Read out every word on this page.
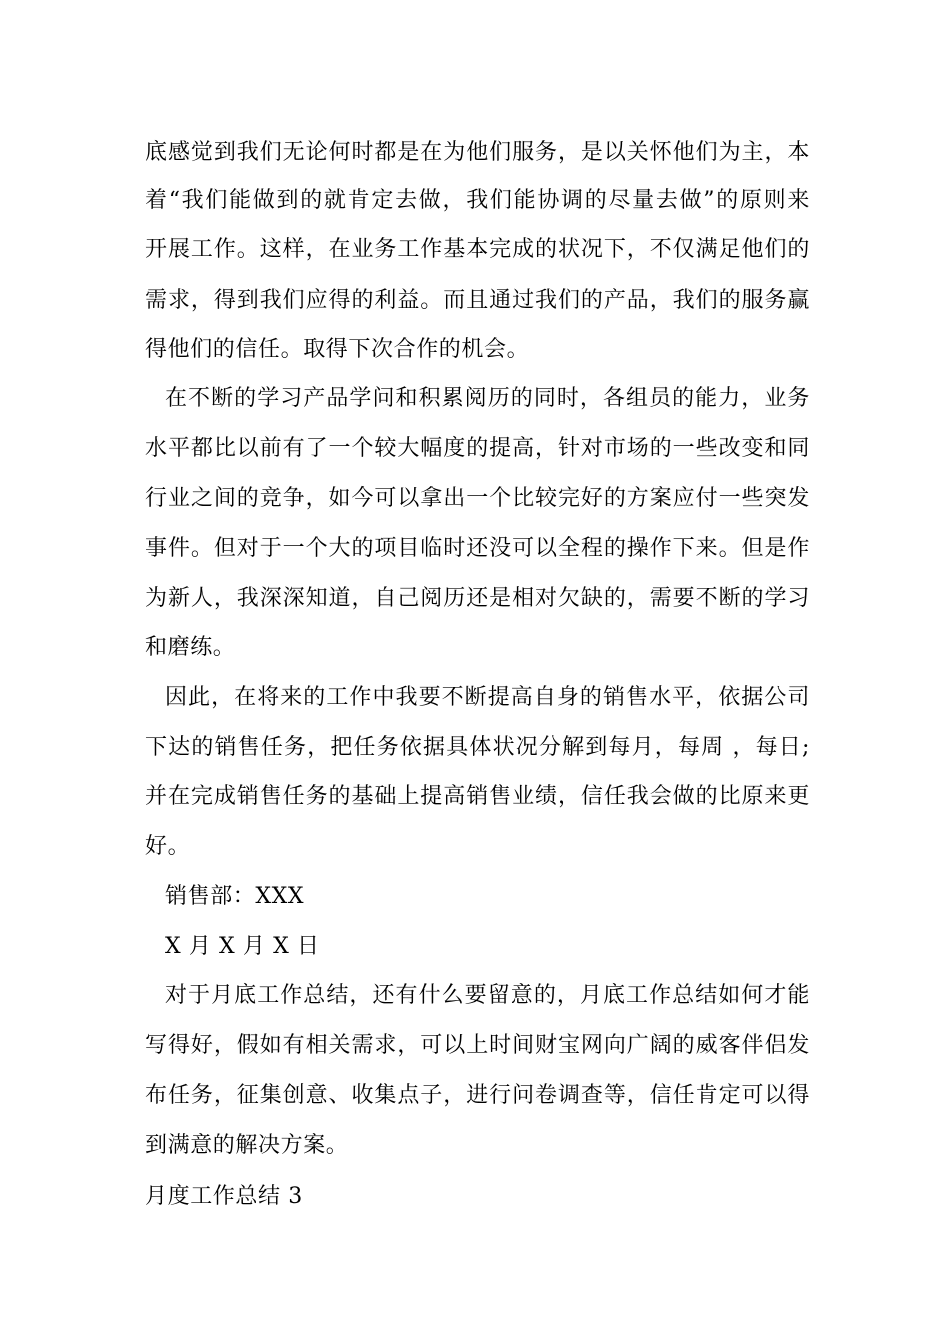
底感觉到我们无论何时都是在为他们服务，是以关怀他们为主，本
着“我们能做到的就肯定去做，我们能协调的尽量去做”的原则来
开展工作。这样，在业务工作基本完成的状况下，不仅满足他们的
需求，得到我们应得的利益。而且通过我们的产品，我们的服务赢
得他们的信任。取得下次合作的机会。
在不断的学习产品学问和积累阅历的同时，各组员的能力，业务
水平都比以前有了一个较大幅度的提高，针对市场的一些改变和同
行业之间的竞争，如今可以拿出一个比较完好的方案应付一些突发
事件。但对于一个大的项目临时还没可以全程的操作下来。但是作
为新人，我深深知道，自己阅历还是相对欠缺的，需要不断的学习
和磨练。
因此，在将来的工作中我要不断提高自身的销售水平，依据公司
下达的销售任务，把任务依据具体状况分解到每月，每周 ，每日;
并在完成销售任务的基础上提高销售业绩，信任我会做的比原来更
好。
销售部：XXX
X 月 X 月 X 日
对于月底工作总结，还有什么要留意的，月底工作总结如何才能
写得好，假如有相关需求，可以上时间财宝网向广阔的威客伴侣发
布任务，征集创意、收集点子，进行问卷调查等，信任肯定可以得
到满意的解决方案。
月度工作总结 3
